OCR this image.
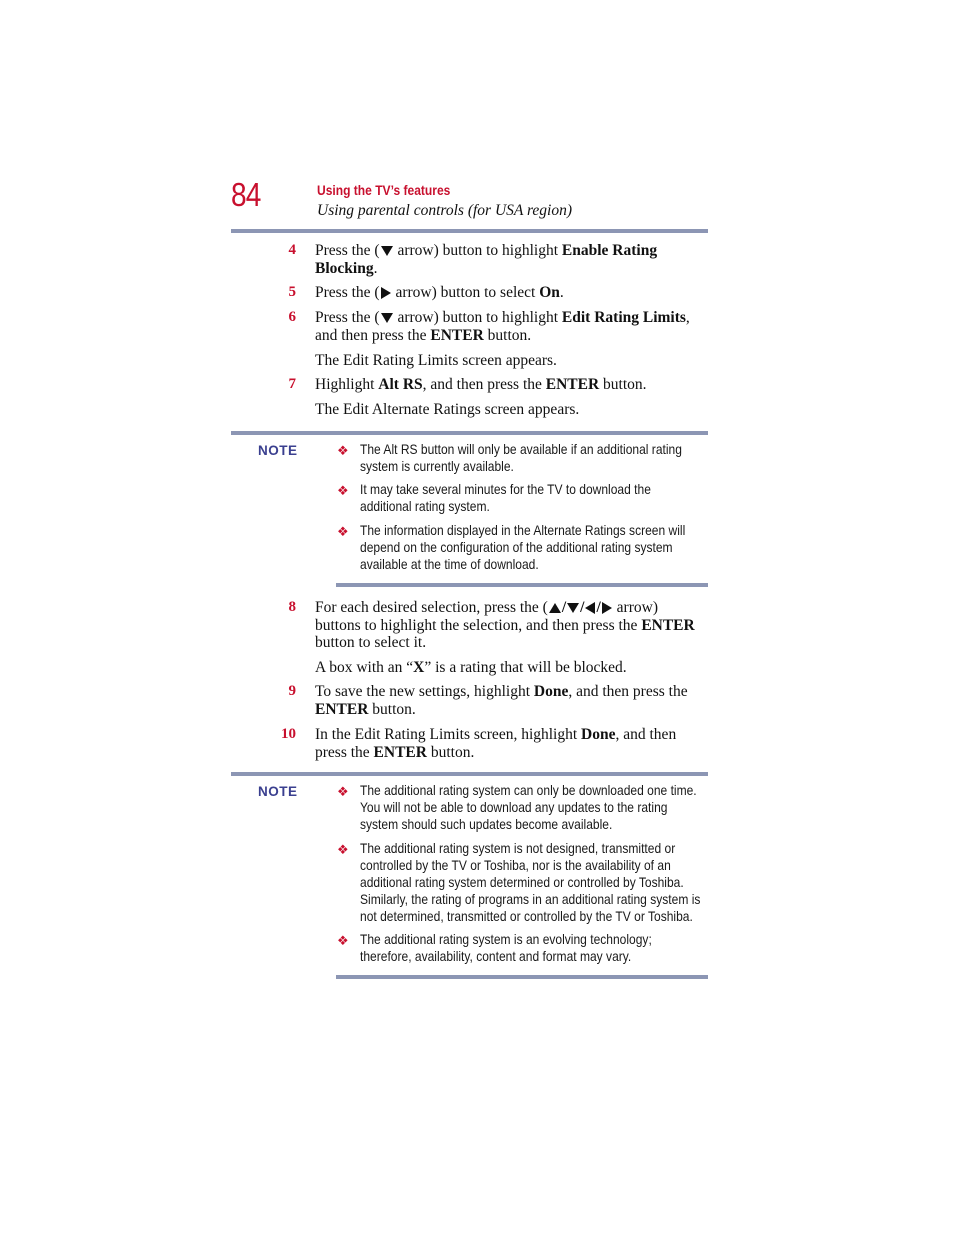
84	Using the TV’s features
Using parental controls (for USA region)
4 Press the ( arrow) button to highlight Enable Rating Blocking.
5 Press the ( arrow) button to select On.
6 Press the ( arrow) button to highlight Edit Rating Limits,
and then press the ENTER button.
The Edit Rating Limits screen appears.
7 Highlight Alt RS, and then press the ENTER button.
The Edit Alternate Ratings screen appears.
NOTE	❖ The Alt RS button will only be available if an additional rating system is currently available.
❖ It may take several minutes for the TV to download the additional rating system.
❖ The information displayed in the Alternate Ratings screen will depend on the configuration of the additional rating system available at the time of download.
8 For each desired selection, press the ( / / / arrow)
buttons to highlight the selection, and then press the ENTER
button to select it.
A box with an “X” is a rating that will be blocked.
9 To save the new settings, highlight Done, and then press the
ENTER button.
10 In the Edit Rating Limits screen, highlight Done, and then
press the ENTER button.
NOTE	❖ The additional rating system can only be downloaded one time. You will not be able to download any updates to the rating system should such updates become available.
❖ The additional rating system is not designed, transmitted or controlled by the TV or Toshiba, nor is the availability of an additional rating system determined or controlled by Toshiba. Similarly, the rating of programs in an additional rating system is not determined, transmitted or controlled by the TV or Toshiba.
❖ The additional rating system is an evolving technology; therefore, availability, content and format may vary.
